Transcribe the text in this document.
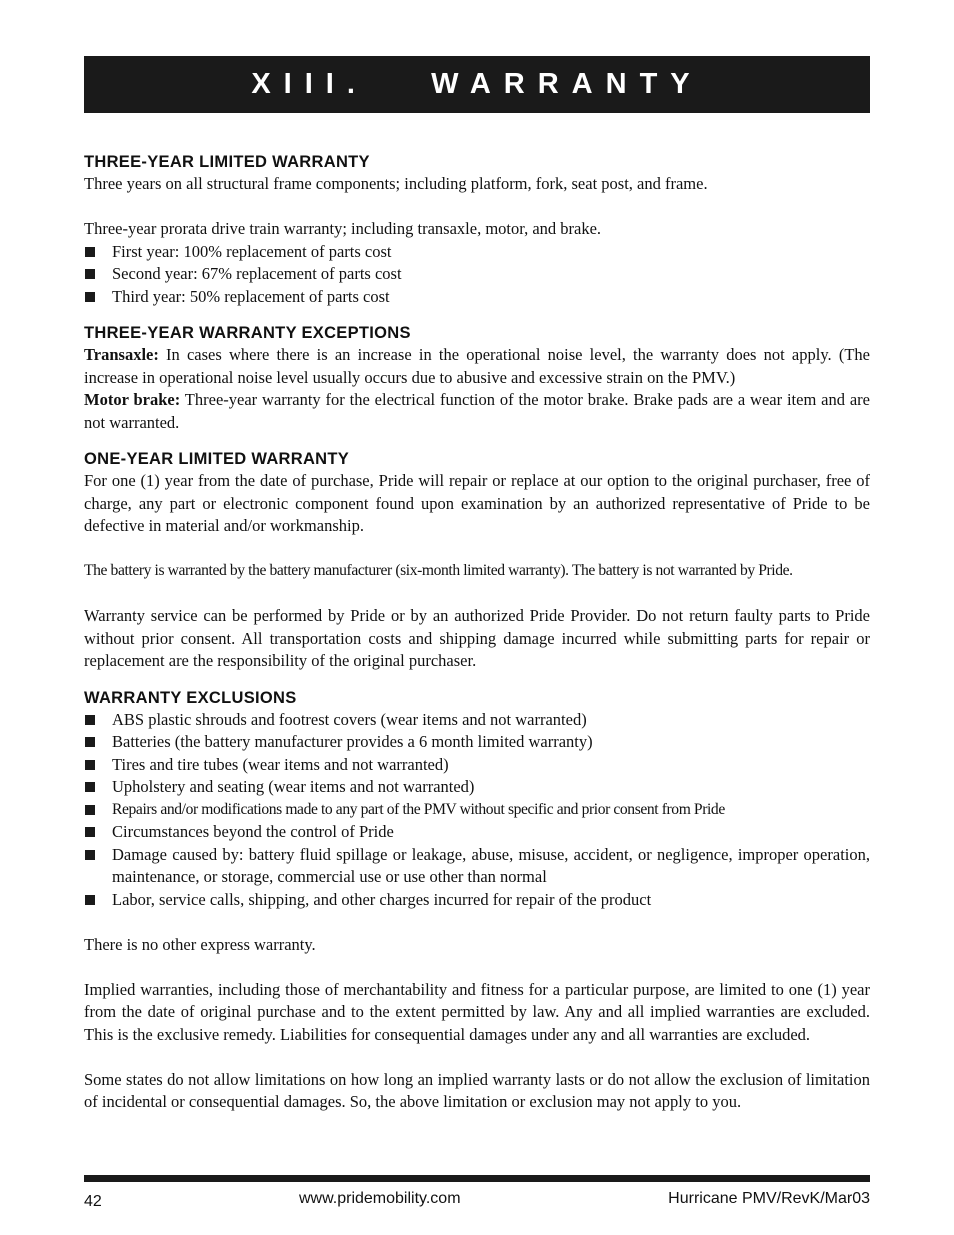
XIII.   WARRANTY
THREE-YEAR LIMITED WARRANTY

Three years on all structural frame components; including platform, fork, seat post, and frame.

Three-year prorata drive train warranty; including transaxle, motor, and brake.

First year: 100% replacement of parts cost
Second year: 67% replacement of parts cost
Third year: 50% replacement of parts cost
THREE-YEAR WARRANTY EXCEPTIONS

Transaxle: In cases where there is an increase in the operational noise level, the warranty does not apply. (The increase in operational noise level usually occurs due to abusive and excessive strain on the PMV.)

Motor brake: Three-year warranty for the electrical function of the motor brake. Brake pads are a wear item and are not warranted.

ONE-YEAR LIMITED WARRANTY

For one (1) year from the date of purchase, Pride will repair or replace at our option to the original purchaser, free of charge, any part or electronic component found upon examination by an authorized representative of Pride to be defective in material and/or workmanship.

The battery is warranted by the battery manufacturer (six-month limited warranty). The battery is not warranted by Pride.

Warranty service can be performed by Pride or by an authorized Pride Provider. Do not return faulty parts to Pride without prior consent. All transportation costs and shipping damage incurred while submitting parts for repair or replacement are the responsibility of the original purchaser.

WARRANTY EXCLUSIONS
ABS plastic shrouds and footrest covers (wear items and not warranted)
Batteries (the battery manufacturer provides a 6 month limited warranty)
Tires and tire tubes (wear items and not warranted)
Upholstery and seating (wear items and not warranted)
Repairs and/or modifications made to any part of the PMV without specific and prior consent from Pride
Circumstances beyond the control of Pride
Damage caused by: battery fluid spillage or leakage, abuse, misuse, accident, or negligence, improper operation, maintenance, or storage, commercial use or use other than normal
Labor, service calls, shipping, and other charges incurred for repair of the product

There is no other express warranty.

Implied warranties, including those of merchantability and fitness for a particular purpose, are limited to one (1) year from the date of original purchase and to the extent permitted by law. Any and all implied warranties are excluded. This is the exclusive remedy. Liabilities for consequential damages under any and all warranties are excluded.

Some states do not allow limitations on how long an implied warranty lasts or do not allow the exclusion of limitation of incidental or consequential damages. So, the above limitation or exclusion may not apply to you.

42	www.pridemobility.com	Hurricane PMV/RevK/Mar03
